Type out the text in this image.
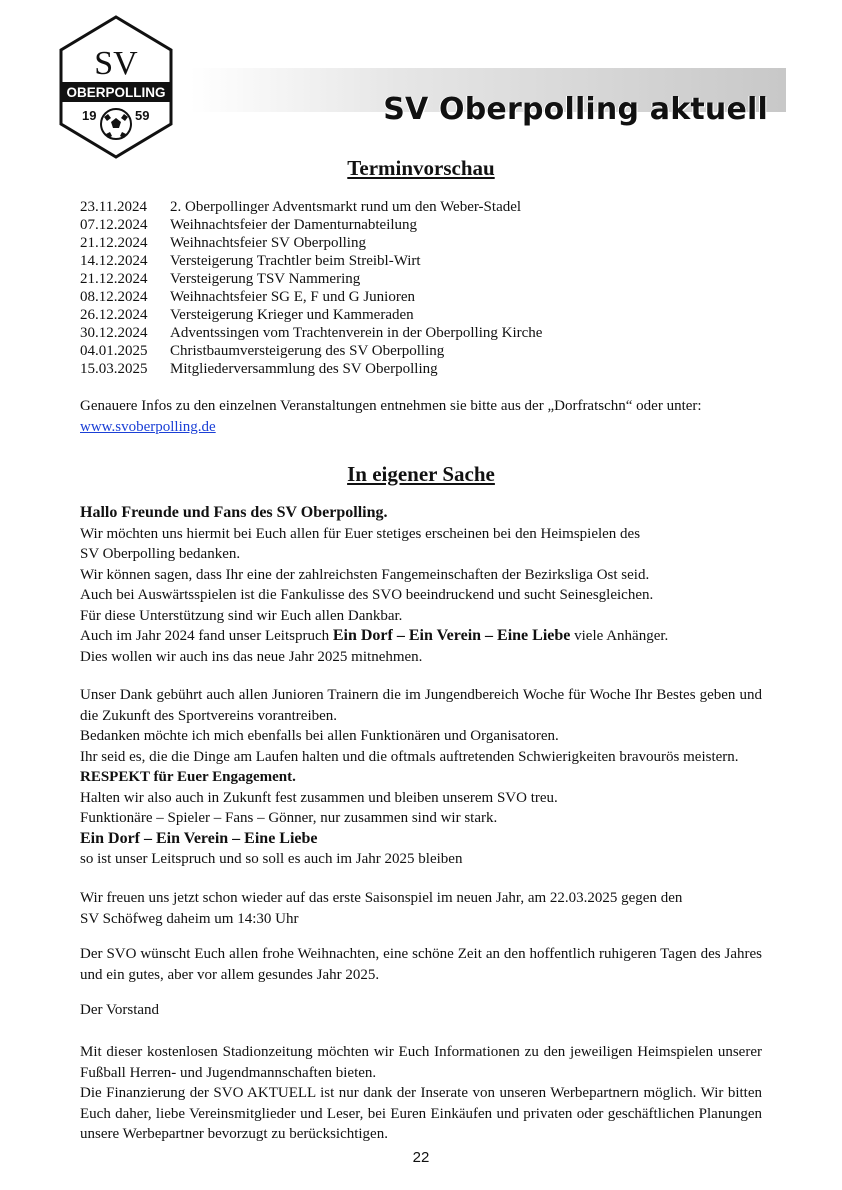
SV
OBERPOLLING
19	59	SV Oberpolling aktuell
Terminvorschau
23.11.2024 2. Oberpollinger Adventsmarkt rund um den Weber-Stadel
07.12.2024 Weihnachtsfeier der Damenturnabteilung
21.12.2024 Weihnachtsfeier SV Oberpolling
14.12.2024 Versteigerung Trachtler beim Streibl-Wirt
21.12.2024 Versteigerung TSV Nammering
08.12.2024 Weihnachtsfeier SG E, F und G Junioren
26.12.2024 Versteigerung Krieger und Kammeraden
30.12.2024 Adventssingen vom Trachtenverein in der Oberpolling Kirche
04.01.2025 Christbaumversteigerung des SV Oberpolling
15.03.2025 Mitgliederversammlung des SV Oberpolling

Genauere Infos zu den einzelnen Veranstaltungen entnehmen sie bitte aus der „Dorfratschn“ oder unter:
www.svoberpolling.de

In eigener Sache

Hallo Freunde und Fans des SV Oberpolling.

Wir möchten uns hiermit bei Euch allen für Euer stetiges erscheinen bei den Heimspielen des

SV Oberpolling bedanken.

Wir können sagen, dass Ihr eine der zahlreichsten Fangemeinschaften der Bezirksliga Ost seid.

Auch bei Auswärtsspielen ist die Fankulisse des SVO beeindruckend und sucht Seinesgleichen.

Für diese Unterstützung sind wir Euch allen Dankbar.

Auch im Jahr 2024 fand unser Leitspruch Ein Dorf – Ein Verein – Eine Liebe viele Anhänger.

Dies wollen wir auch ins das neue Jahr 2025 mitnehmen.

Unser Dank gebührt auch allen Junioren Trainern die im Jungendbereich Woche für Woche Ihr Bestes geben und die Zukunft des Sportvereins vorantreiben.

Bedanken möchte ich mich ebenfalls bei allen Funktionären und Organisatoren.

Ihr seid es, die die Dinge am Laufen halten und die oftmals auftretenden Schwierigkeiten bravourös meistern.

RESPEKT für Euer Engagement.

Halten wir also auch in Zukunft fest zusammen und bleiben unserem SVO treu.

Funktionäre – Spieler – Fans – Gönner, nur zusammen sind wir stark.

Ein Dorf – Ein Verein – Eine Liebe

so ist unser Leitspruch und so soll es auch im Jahr 2025 bleiben

Wir freuen uns jetzt schon wieder auf das erste Saisonspiel im neuen Jahr, am 22.03.2025 gegen den

SV Schöfweg daheim um 14:30 Uhr

Der SVO wünscht Euch allen frohe Weihnachten, eine schöne Zeit an den hoffentlich ruhigeren Tagen des Jahres und ein gutes, aber vor allem gesundes Jahr 2025.

Der Vorstand

Mit dieser kostenlosen Stadionzeitung möchten wir Euch Informationen zu den jeweiligen Heimspielen unserer Fußball Herren- und Jugendmannschaften bieten.

Die Finanzierung der SVO AKTUELL ist nur dank der Inserate von unseren Werbepartnern möglich. Wir bitten Euch daher, liebe Vereinsmitglieder und Leser, bei Euren Einkäufen und privaten oder geschäftlichen Planungen unsere Werbepartner bevorzugt zu berücksichtigen.

22
